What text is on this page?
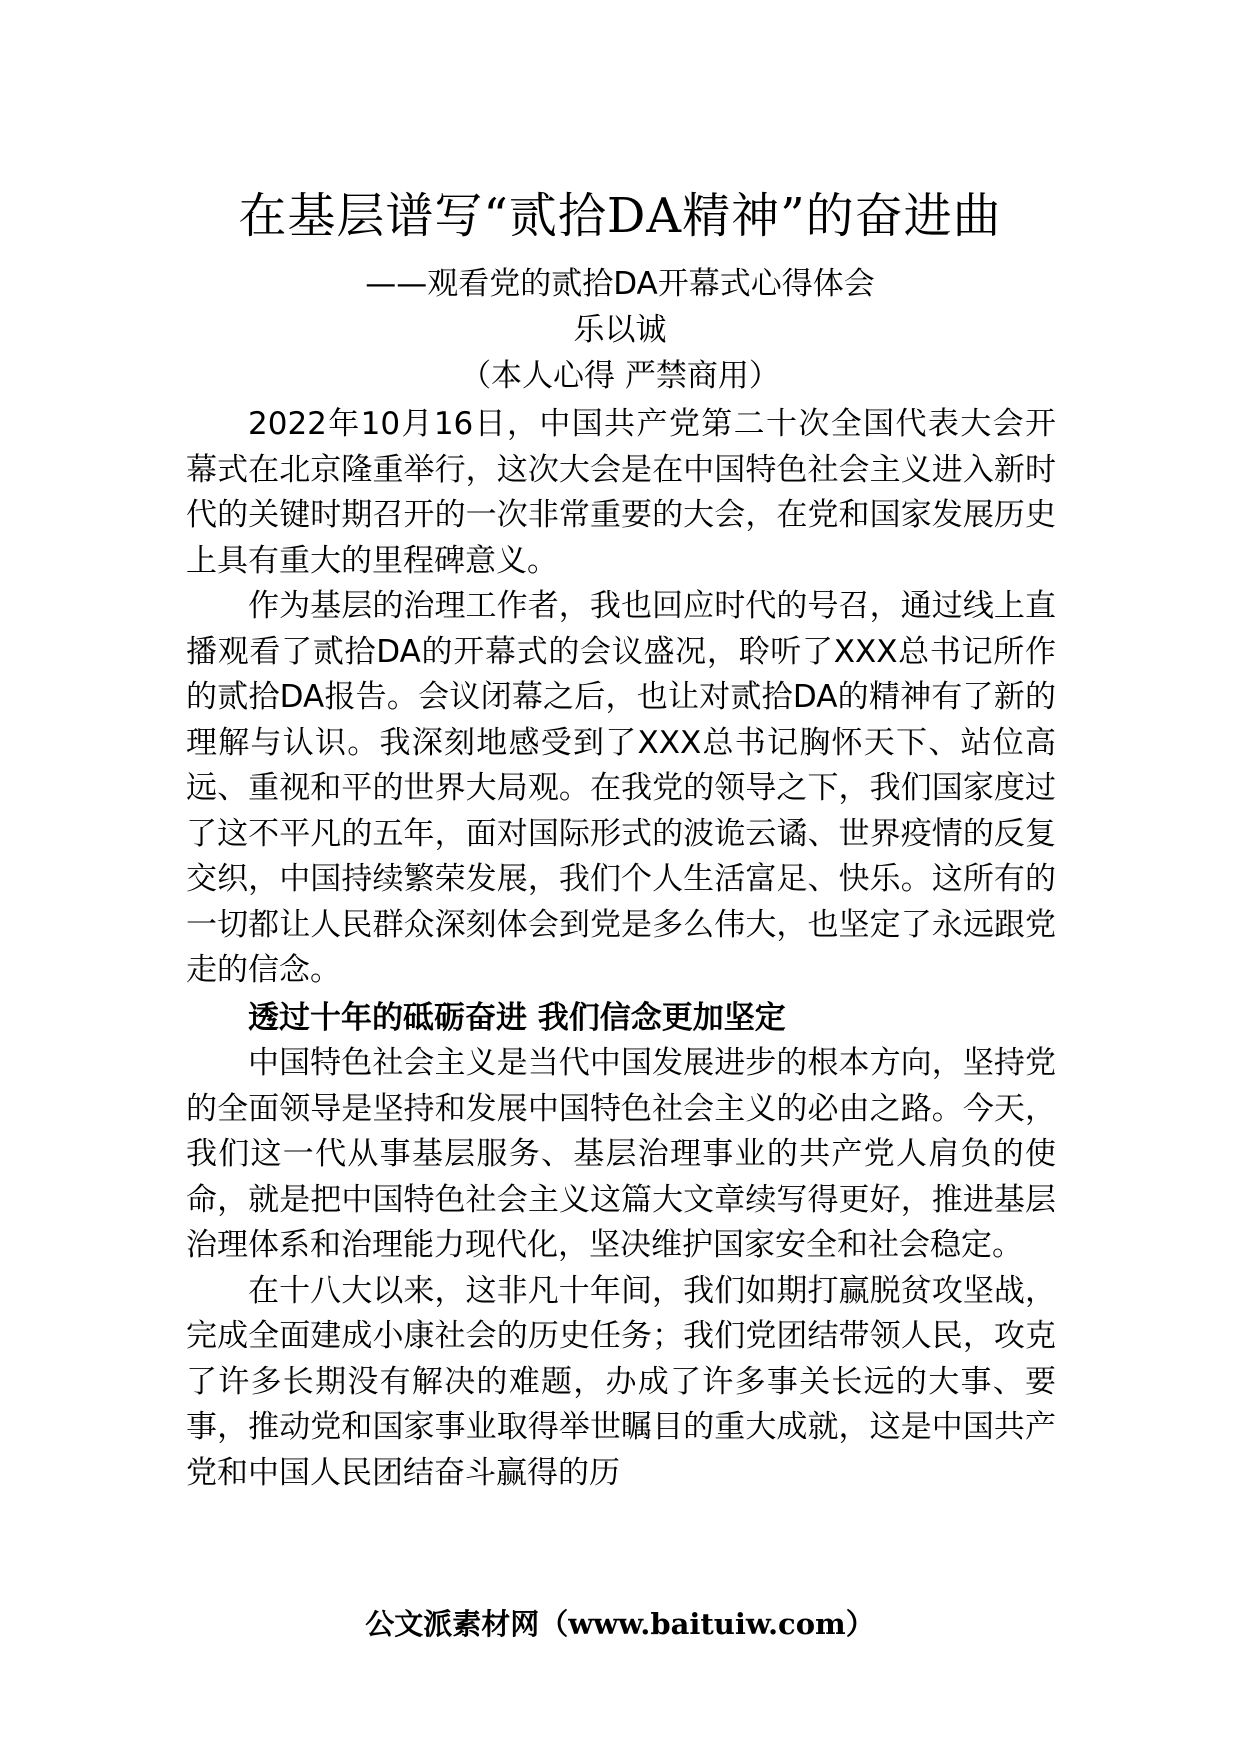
在基层谱写“贰拾DA精神”的奋进曲
——观看党的贰拾DA开幕式心得体会
乐以诚
（本人心得 严禁商用）

2022年10月16日，中国共产党第二十次全国代表大会开幕式在北京隆重举行，这次大会是在中国特色社会主义进入新时代的关键时期召开的一次非常重要的大会，在党和国家发展历史上具有重大的里程碑意义。

作为基层的治理工作者，我也回应时代的号召，通过线上直播观看了贰拾DA的开幕式的会议盛况，聆听了XXX总书记所作的贰拾DA报告。会议闭幕之后，也让对贰拾DA的精神有了新的理解与认识。我深刻地感受到了XXX总书记胸怀天下、站位高远、重视和平的世界大局观。在我党的领导之下，我们国家度过了这不平凡的五年，面对国际形式的波诡云谲、世界疫情的反复交织，中国持续繁荣发展，我们个人生活富足、快乐。这所有的一切都让人民群众深刻体会到党是多么伟大，也坚定了永远跟党走的信念。

透过十年的砥砺奋进 我们信念更加坚定

中国特色社会主义是当代中国发展进步的根本方向，坚持党的全面领导是坚持和发展中国特色社会主义的必由之路。今天，我们这一代从事基层服务、基层治理事业的共产党人肩负的使命，就是把中国特色社会主义这篇大文章续写得更好，推进基层治理体系和治理能力现代化，坚决维护国家安全和社会稳定。

在十八大以来，这非凡十年间，我们如期打赢脱贫攻坚战，完成全面建成小康社会的历史任务；我们党团结带领人民，攻克了许多长期没有解决的难题，办成了许多事关长远的大事、要事，推动党和国家事业取得举世瞩目的重大成就，这是中国共产党和中国人民团结奋斗赢得的历

公文派素材网（www.baituiw.com）
